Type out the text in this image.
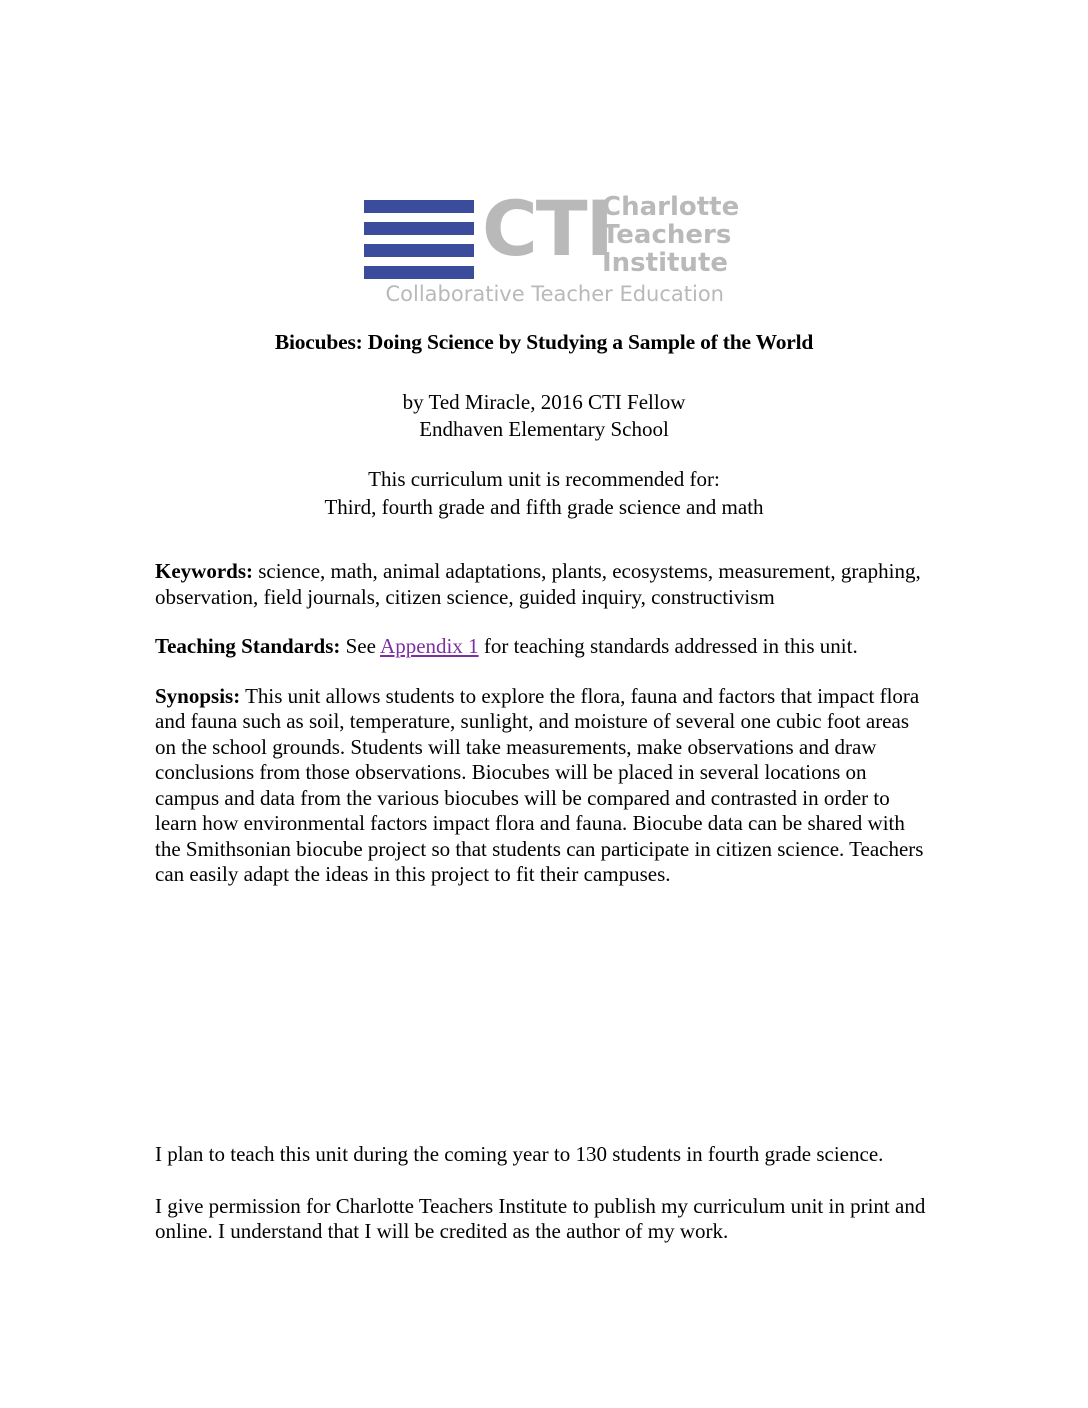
CTI
Charlotte
Teachers
Institute
Collaborative Teacher Education
Biocubes: Doing Science by Studying a Sample of the World
by Ted Miracle, 2016 CTI Fellow
Endhaven Elementary School
This curriculum unit is recommended for:
Third, fourth grade and fifth grade science and math

Keywords: science, math, animal adaptations, plants, ecosystems, measurement, graphing, observation, field journals, citizen science, guided inquiry, constructivism

Teaching Standards: See Appendix 1 for teaching standards addressed in this unit.

Synopsis: This unit allows students to explore the flora, fauna and factors that impact flora and fauna such as soil, temperature, sunlight, and moisture of several one cubic foot areas on the school grounds. Students will take measurements, make observations and draw conclusions from those observations. Biocubes will be placed in several locations on campus and data from the various biocubes will be compared and contrasted in order to learn how environmental factors impact flora and fauna. Biocube data can be shared with the Smithsonian biocube project so that students can participate in citizen science. Teachers can easily adapt the ideas in this project to fit their campuses.

I plan to teach this unit during the coming year to 130 students in fourth grade science.

I give permission for Charlotte Teachers Institute to publish my curriculum unit in print and online. I understand that I will be credited as the author of my work.
